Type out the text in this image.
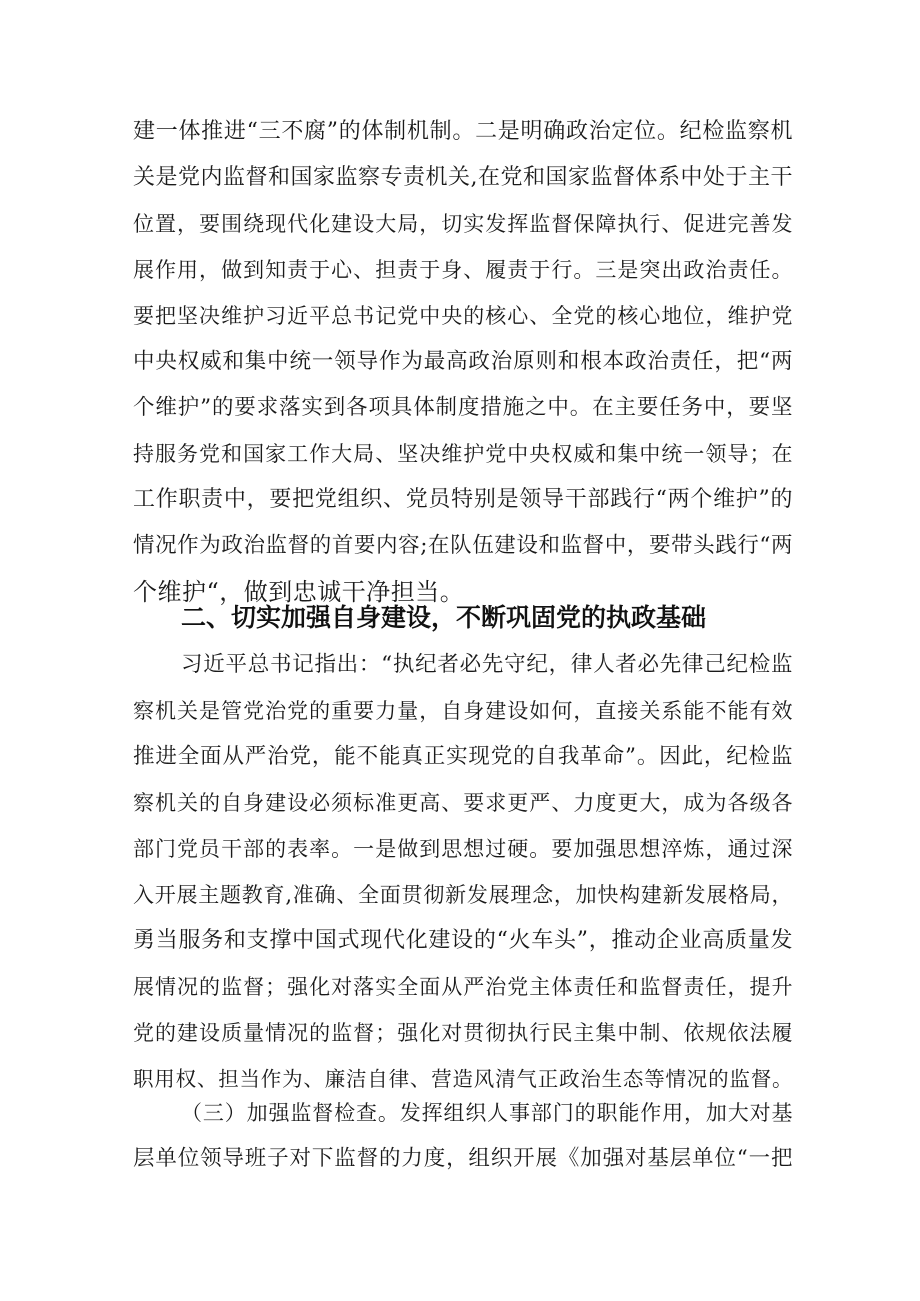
建一体推进“三不腐”的体制机制。二是明确政治定位。纪检监察机
关是党内监督和国家监察专责机关,在党和国家监督体系中处于主干
位置，要围绕现代化建设大局，切实发挥监督保障执行、促进完善发
展作用，做到知责于心、担责于身、履责于行。三是突出政治责任。
要把坚决维护习近平总书记党中央的核心、全党的核心地位，维护党
中央权威和集中统一领导作为最高政治原则和根本政治责任，把“两
个维护”的要求落实到各项具体制度措施之中。在主要任务中，要坚
持服务党和国家工作大局、坚决维护党中央权威和集中统一领导；在
工作职责中，要把党组织、党员特别是领导干部践行“两个维护”的
情况作为政治监督的首要内容;在队伍建设和监督中，要带头践行“两
个维护“，做到忠诚干净担当。
二、切实加强自身建设，不断巩固党的执政基础
习近平总书记指出：“执纪者必先守纪，律人者必先律己纪检监
察机关是管党治党的重要力量，自身建设如何，直接关系能不能有效
推进全面从严治党，能不能真正实现党的自我革命”。因此，纪检监
察机关的自身建设必须标准更高、要求更严、力度更大，成为各级各
部门党员干部的表率。一是做到思想过硬。要加强思想淬炼，通过深
入开展主题教育,准确、全面贯彻新发展理念，加快构建新发展格局，
勇当服务和支撑中国式现代化建设的“火车头”，推动企业高质量发
展情况的监督；强化对落实全面从严治党主体责任和监督责任，提升
党的建设质量情况的监督；强化对贯彻执行民主集中制、依规依法履
职用权、担当作为、廉洁自律、营造风清气正政治生态等情况的监督。
（三）加强监督检查。发挥组织人事部门的职能作用，加大对基
层单位领导班子对下监督的力度，组织开展《加强对基层单位“一把
